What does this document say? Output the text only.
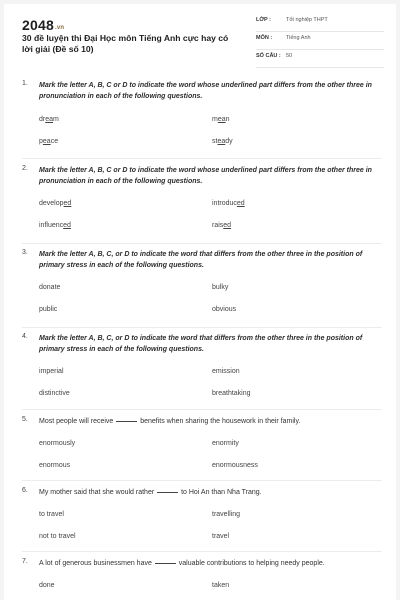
2048.vn
30 đề luyện thi Đại Học môn Tiếng Anh cực hay có lời giải (Đề số 10)
LỚP :	Tốt nghiệp THPT
MÔN :	Tiếng Anh
SỐ CÂU : 50
1. Mark the letter A, B, C or D to indicate the word whose underlined part differs from the other three in pronunciation in each of the following questions.
dream	mean
peace	steady
2. Mark the letter A, B, C or D to indicate the word whose underlined part differs from the other three in pronunciation in each of the following questions.
developed	introduced
influenced	raised
3. Mark the letter A, B, C, or D to indicate the word that differs from the other three in the position of primary stress in each of the following questions.
donate	bulky
public	obvious
4. Mark the letter A, B, C, or D to indicate the word that differs from the other three in the position of primary stress in each of the following questions.
imperial	emission
distinctive	breathtaking
5. Most people will receive	benefits when sharing the housework in their family.
enormously	enormity
enormous	enormousness
6. My mother said that she would rather	to Hoi An than Nha Trang.
to travel	travelling
not to travel	travel
7. A lot of generous businessmen have	valuable contributions to helping needy people.
done	taken
